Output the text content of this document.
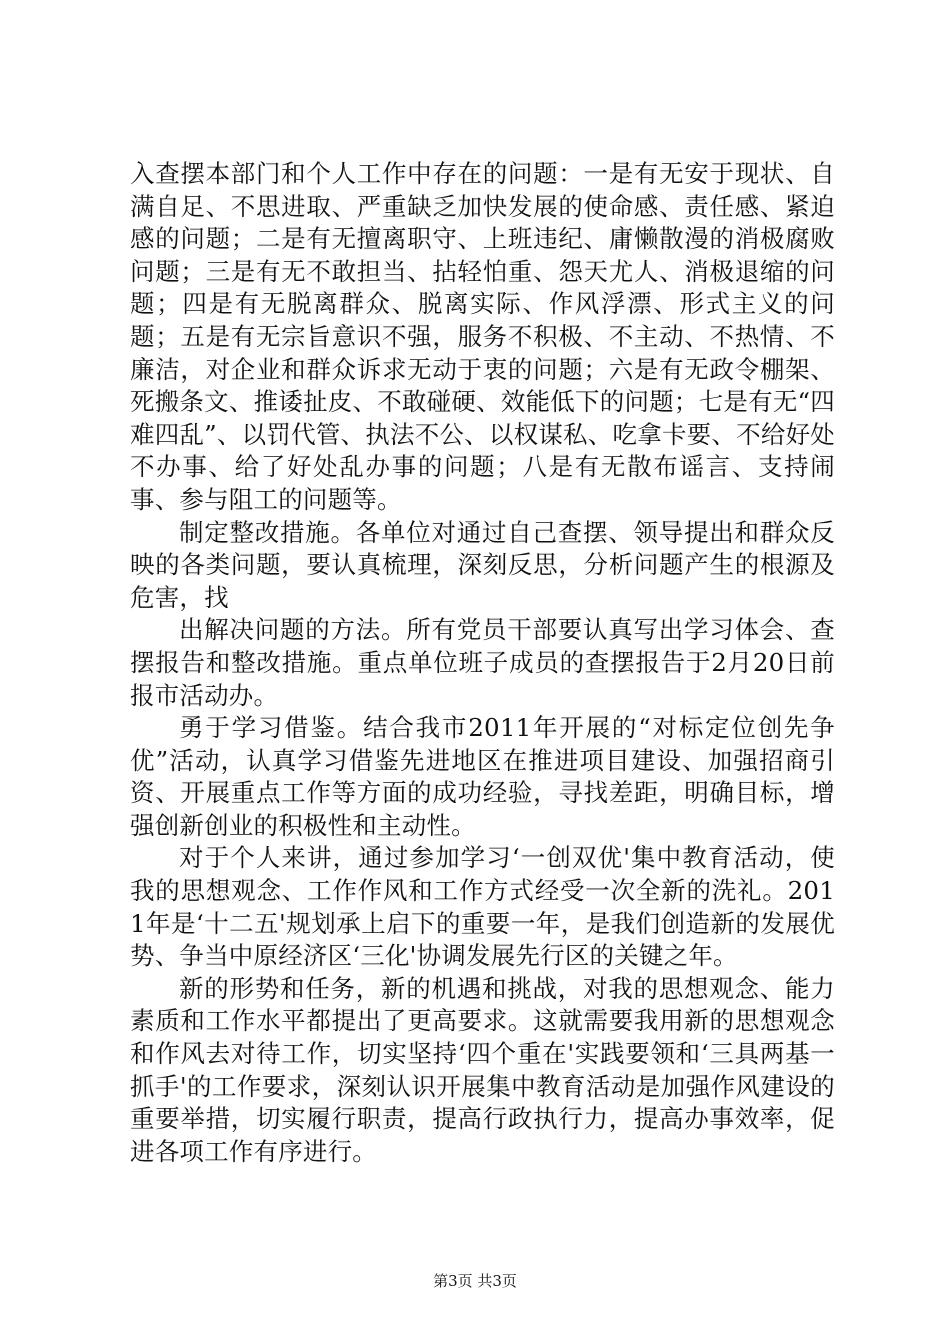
入查摆本部门和个人工作中存在的问题：一是有无安于现状、自满自足、不思进取、严重缺乏加快发展的使命感、责任感、紧迫感的问题；二是有无擅离职守、上班违纪、庸懒散漫的消极腐败问题；三是有无不敢担当、拈轻怕重、怨天尤人、消极退缩的问题；四是有无脱离群众、脱离实际、作风浮漂、形式主义的问题；五是有无宗旨意识不强，服务不积极、不主动、不热情、不廉洁，对企业和群众诉求无动于衷的问题；六是有无政令棚架、死搬条文、推诿扯皮、不敢碰硬、效能低下的问题；七是有无“四难四乱”、以罚代管、执法不公、以权谋私、吃拿卡要、不给好处不办事、给了好处乱办事的问题；八是有无散布谣言、支持闹事、参与阻工的问题等。

制定整改措施。各单位对通过自己查摆、领导提出和群众反映的各类问题，要认真梳理，深刻反思，分析问题产生的根源及危害，找

出解决问题的方法。所有党员干部要认真写出学习体会、查摆报告和整改措施。重点单位班子成员的查摆报告于2月20日前报市活动办。

勇于学习借鉴。结合我市2011年开展的“对标定位创先争优”活动，认真学习借鉴先进地区在推进项目建设、加强招商引资、开展重点工作等方面的成功经验，寻找差距，明确目标，增强创新创业的积极性和主动性。

对于个人来讲，通过参加学习‘一创双优'集中教育活动，使我的思想观念、工作作风和工作方式经受一次全新的洗礼。2011年是‘十二五'规划承上启下的重要一年，是我们创造新的发展优势、争当中原经济区‘三化'协调发展先行区的关键之年。

新的形势和任务，新的机遇和挑战，对我的思想观念、能力素质和工作水平都提出了更高要求。这就需要我用新的思想观念和作风去对待工作，切实坚持‘四个重在'实践要领和‘三具两基一抓手'的工作要求，深刻认识开展集中教育活动是加强作风建设的重要举措，切实履行职责，提高行政执行力，提高办事效率，促进各项工作有序进行。

第3页 共3页
